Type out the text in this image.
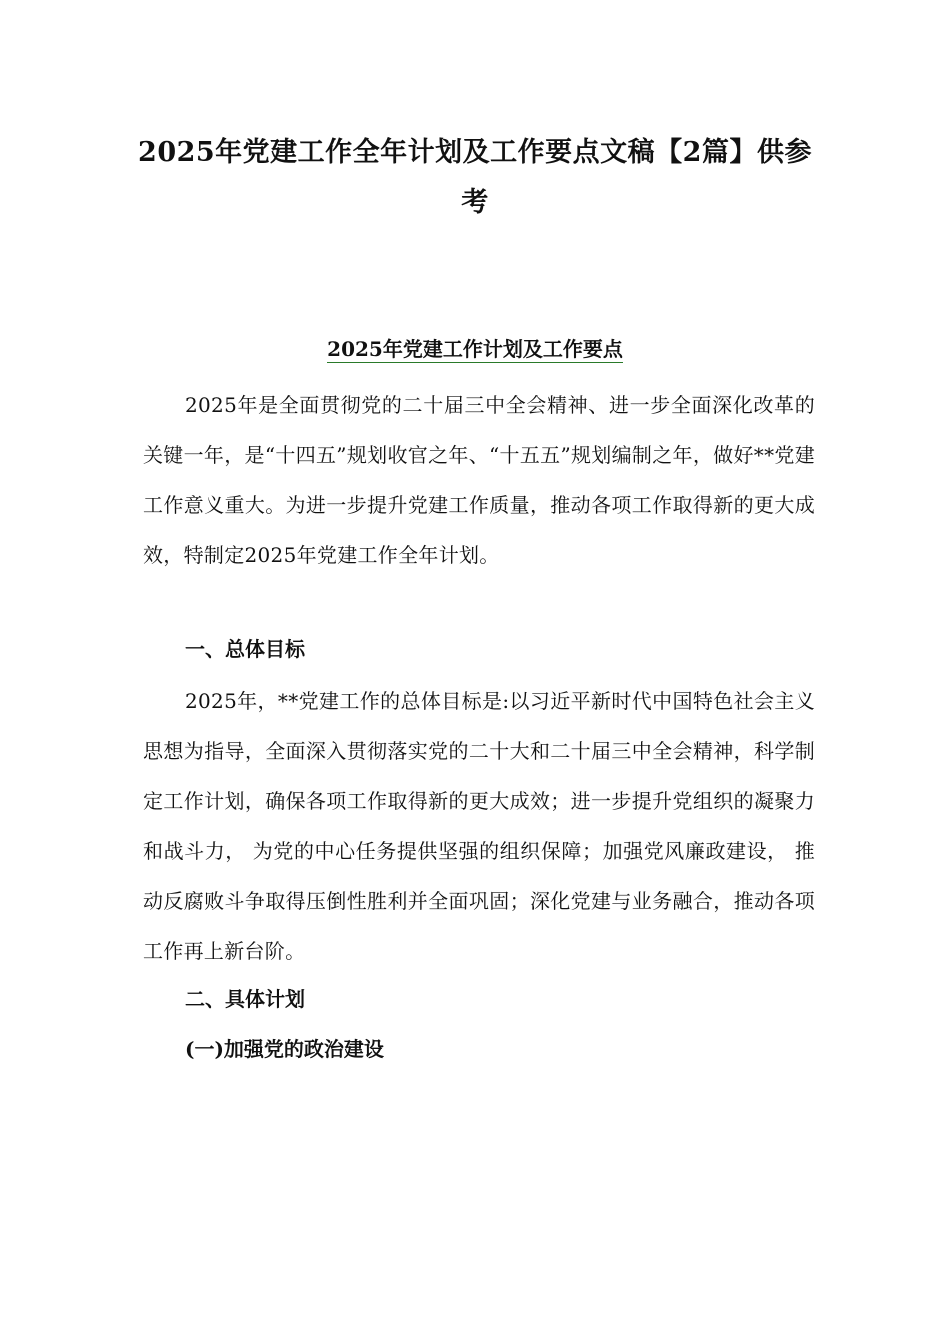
2025年党建工作全年计划及工作要点文稿【2篇】供参考
2025年党建工作计划及工作要点
2025年是全面贯彻党的二十届三中全会精神、进一步全面深化改革的关键一年，是“十四五”规划收官之年、“十五五”规划编制之年，做好**党建工作意义重大。为进一步提升党建工作质量，推动各项工作取得新的更大成效，特制定2025年党建工作全年计划。
一、总体目标
2025年，**党建工作的总体目标是:以习近平新时代中国特色社会主义思想为指导，全面深入贯彻落实党的二十大和二十届三中全会精神，科学制定工作计划，确保各项工作取得新的更大成效；进一步提升党组织的凝聚力和战斗力， 为党的中心任务提供坚强的组织保障；加强党风廉政建设， 推动反腐败斗争取得压倒性胜利并全面巩固；深化党建与业务融合，推动各项工作再上新台阶。
二、具体计划
(一)加强党的政治建设
